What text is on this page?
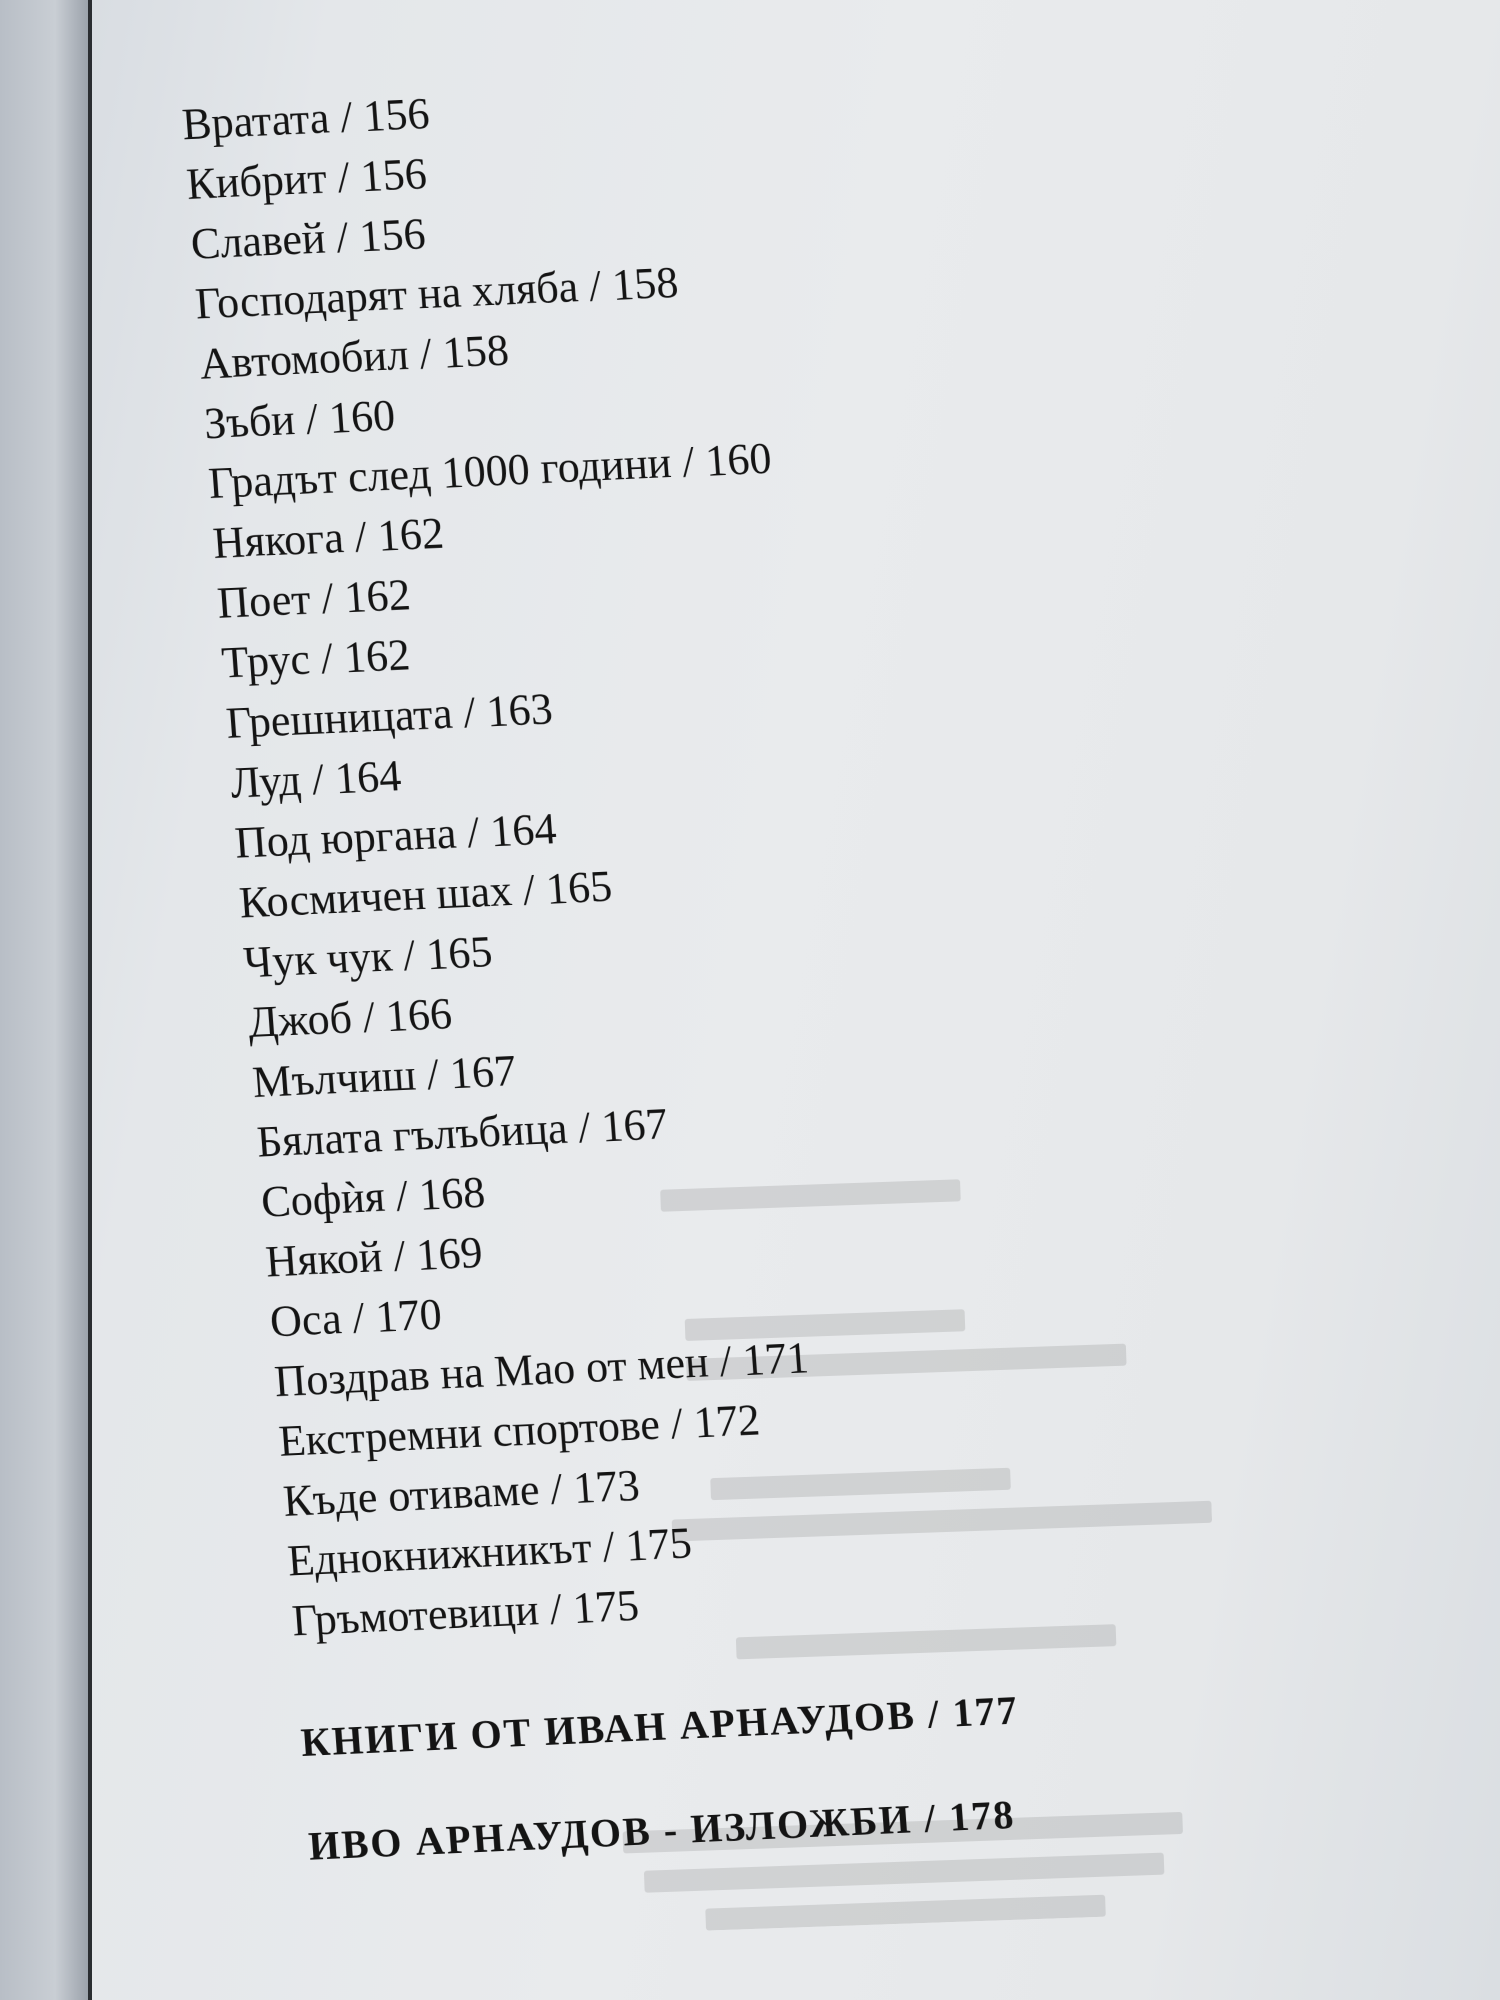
Вратата / 156
Кибрит / 156
Славей / 156
Господарят на хляба / 158
Автомобил / 158
Зъби / 160
Градът след 1000 години / 160
Някога / 162
Поет / 162
Трус / 162
Грешницата / 163
Луд / 164
Под юргана / 164
Космичен шах / 165
Чук чук / 165
Джоб / 166
Мълчиш / 167
Бялата гълъбица / 167
Софѝя / 168
Някой / 169
Оса / 170
Поздрав на Мао от мен / 171
Екстремни спортове / 172
Къде отиваме / 173
Еднокнижникът / 175
Гръмотевици / 175
КНИГИ ОТ ИВАН АРНАУДОВ / 177
ИВО АРНАУДОВ - ИЗЛОЖБИ / 178
